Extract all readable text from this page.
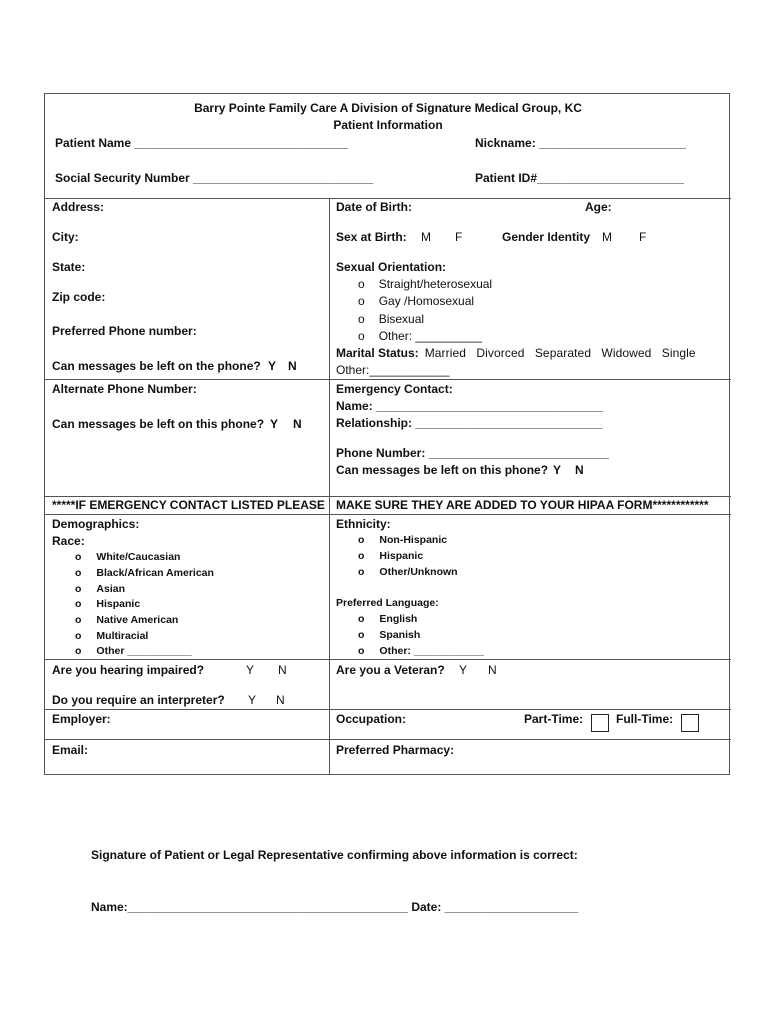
Barry Pointe Family Care A Division of Signature Medical Group, KC
Patient Information
Patient Name ________________________________	Nickname: ______________________
Social Security Number ___________________________	Patient ID#______________________
Address:
City:
State:
Zip code:
Preferred Phone number:
Can messages be left on the phone? Y N
Alternate Phone Number:
Can messages be left on this phone? Y N
Date of Birth:	Age:
Sex at Birth: M F	Gender Identity M F
Sexual Orientation:
o Straight/heterosexual
o Gay /Homosexual
o Bisexual
o Other: __________
Marital Status: Married   Divorced   Separated   Widowed   Single
Other:____________
Emergency Contact:
Name: __________________________________
Relationship: ____________________________
Phone Number: ___________________________
Can messages be left on this phone? Y N
*****IF EMERGENCY CONTACT LISTED PLEASE MAKE SURE THEY ARE ADDED TO YOUR HIPAA FORM************
Demographics:
Race:
o White/Caucasian
o Black/African American
o Asian
o Hispanic
o Native American
o Multiracial
o Other ___________
Ethnicity:
o Non-Hispanic
o Hispanic
o Other/Unknown
Preferred Language:
o English
o Spanish
o Other: ____________
Are you hearing impaired?	Y N
Do you require an interpreter? Y N
Are you a Veteran? Y N
Employer:	Occupation:	Part-Time:	Full-Time:
Email:	Preferred Pharmacy:
Signature of Patient or Legal Representative confirming above information is correct:
Name:__________________________________________ Date: ____________________
